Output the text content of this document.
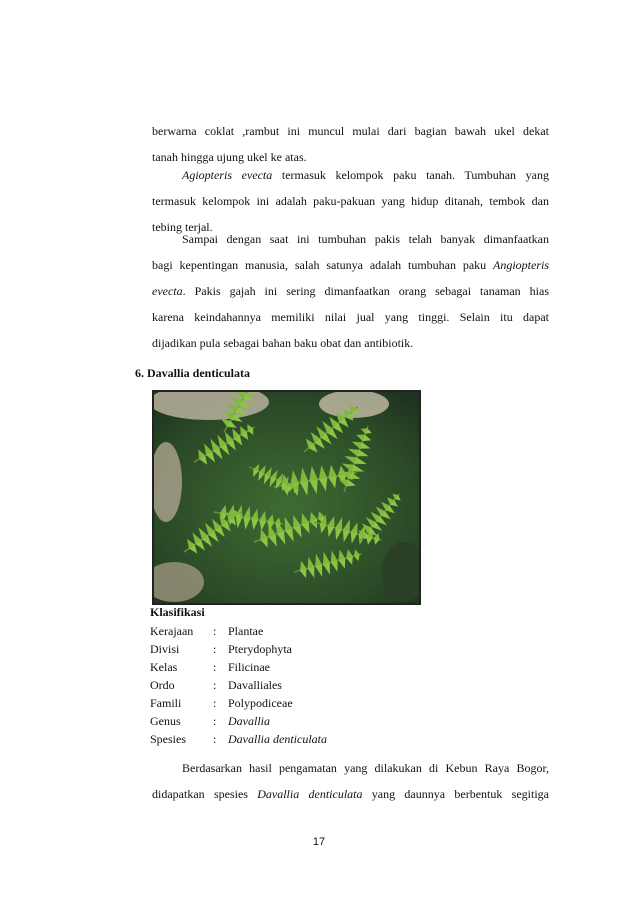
berwarna coklat ,rambut ini muncul mulai dari bagian bawah ukel dekat
tanah hingga ujung ukel ke atas.
Agiopteris evecta termasuk kelompok paku tanah. Tumbuhan yang
termasuk kelompok ini adalah paku-pakuan yang hidup ditanah, tembok dan
tebing terjal.
Sampai dengan saat ini tumbuhan pakis telah banyak dimanfaatkan
bagi kepentingan manusia, salah satunya adalah tumbuhan paku Angiopteris
evecta. Pakis gajah ini sering dimanfaatkan orang sebagai tanaman hias
karena keindahannya memiliki nilai jual yang tinggi. Selain itu dapat
dijadikan pula sebagai bahan baku obat dan antibiotik.
6. Davallia denticulata
Klasifikasi
Kerajaan : Plantae
Divisi	: Pterydophyta
Kelas	: Filicinae
Ordo	: Davalliales
Famili	: Polypodiceae
Genus	: Davallia
Spesies : Davallia denticulata
Berdasarkan hasil pengamatan yang dilakukan di Kebun Raya Bogor,
didapatkan spesies Davallia denticulata yang daunnya berbentuk segitiga
17
